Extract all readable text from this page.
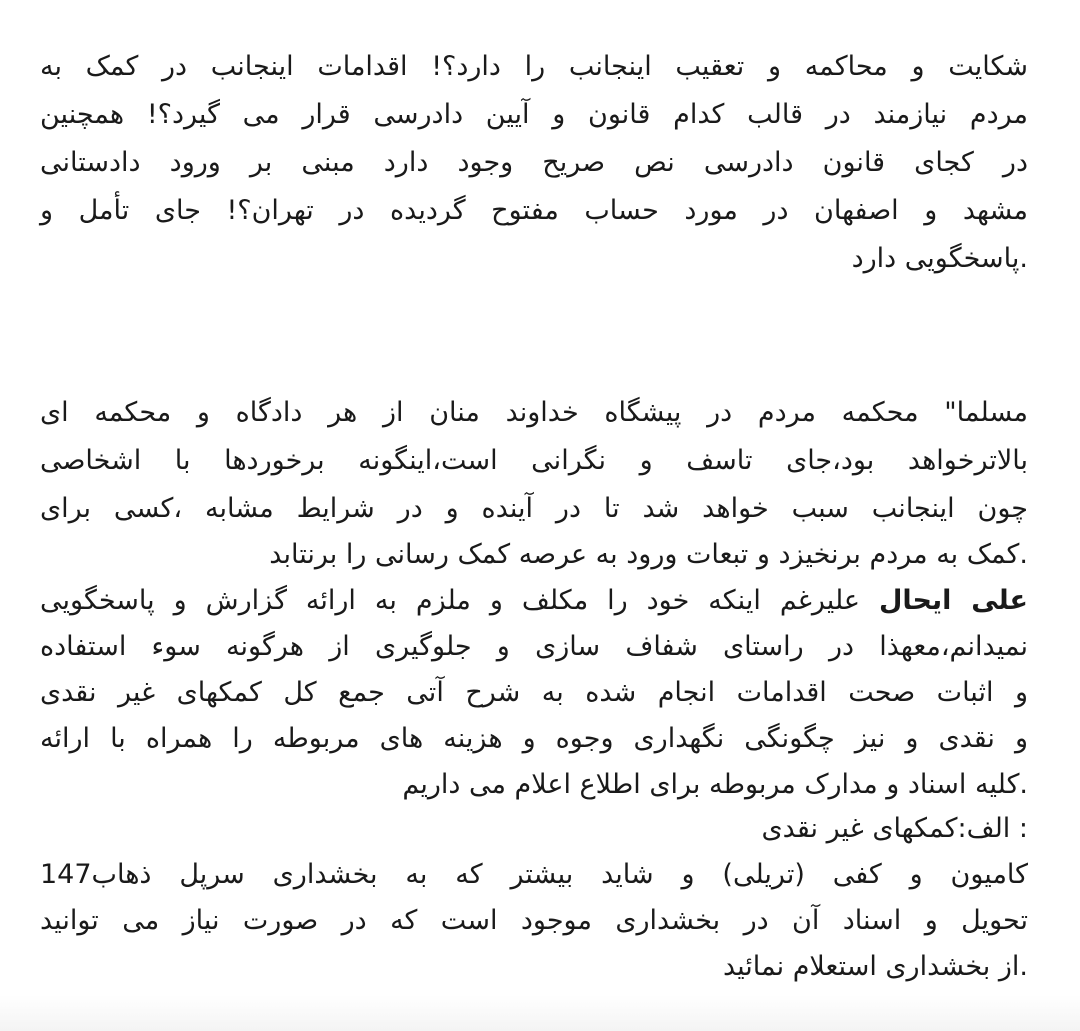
شکایت و محاکمه و تعقیب اینجانب را دارد؟! اقدامات اینجانب در کمک به
مردم نیازمند در قالب کدام قانون و آیین دادرسی قرار می گیرد؟! همچنین
در کجای قانون دادرسی نص صریح وجود دارد مبنی بر ورود دادستانی
مشهد و اصفهان در مورد حساب مفتوح گردیده در تهران؟! جای تأمل و
.پاسخگویی دارد
مسلما" محکمه مردم در پیشگاه خداوند منان از هر دادگاه و محکمه ای
بالاترخواهد بود،جای تاسف و نگرانی است،اینگونه برخوردها با اشخاصی
چون اینجانب سبب خواهد شد تا در آینده و در شرایط مشابه ،کسی برای
.کمک به مردم برنخیزد و تبعات ورود به عرصه کمک رسانی را برنتابد
علی ایحال علیرغم اینکه خود را مکلف و ملزم به ارائه گزارش و پاسخگویی
نمیدانم،معهذا در راستای شفاف سازی و جلوگیری از هرگونه سوء استفاده
و اثبات صحت اقدامات انجام شده به شرح آتی جمع کل کمکهای غیر نقدی
و نقدی و نیز چگونگی نگهداری وجوه و هزینه های مربوطه را همراه با ارائه
.کلیه اسناد و مدارک مربوطه برای اطلاع اعلام می داریم
: الف:کمکهای غیر نقدی
کامیون و کفی (تریلی) و شاید بیشتر که به بخشداری سرپل ذهاب147
تحویل و اسناد آن در بخشداری موجود است که در صورت نیاز می توانید
.از بخشداری استعلام نمائید
